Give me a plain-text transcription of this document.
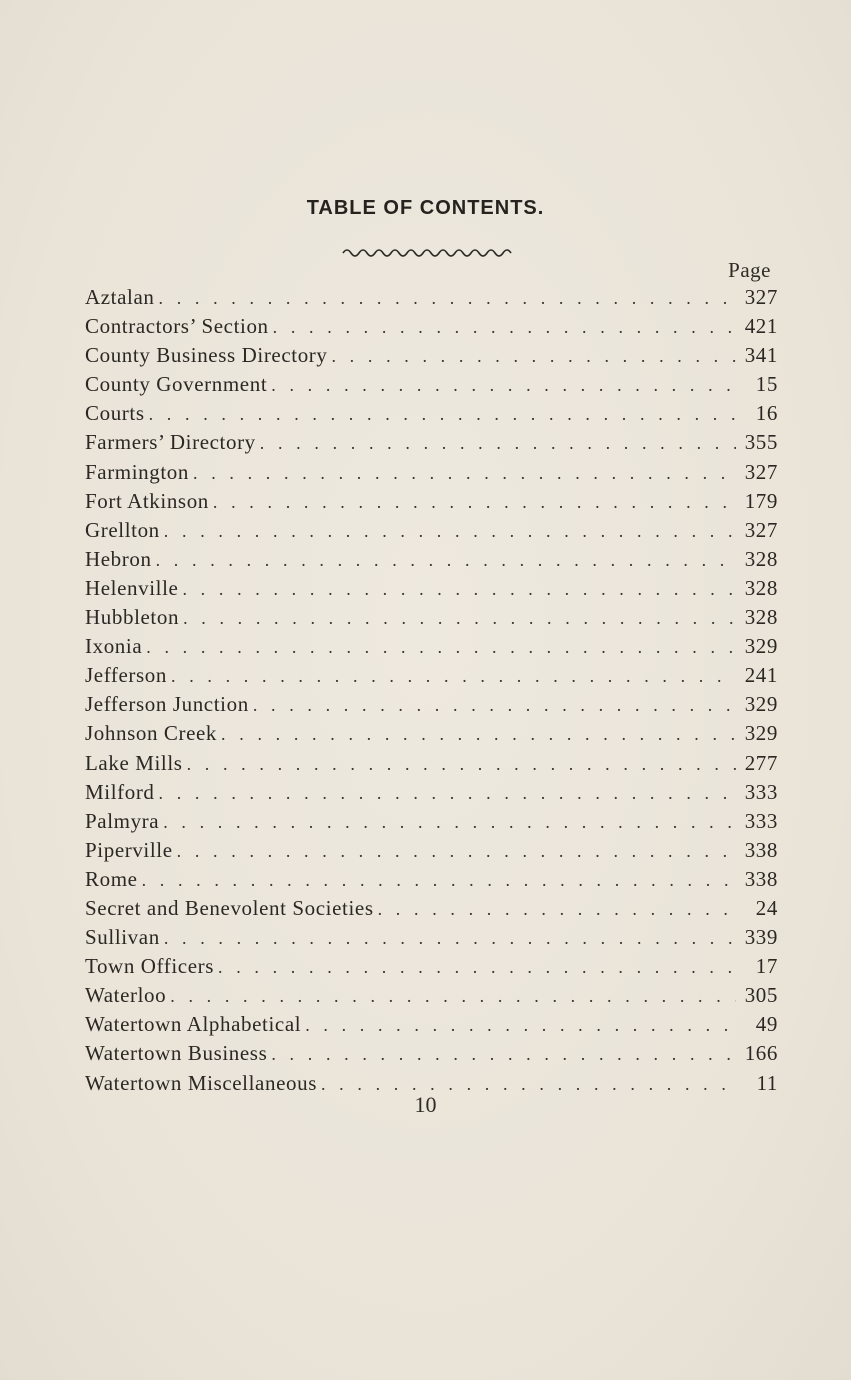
TABLE OF CONTENTS.
Page
Aztalan . . .	327
Contractors’ Section . . .	421
County Business Directory . . .	341
County Government . . .	15
Courts . . .	16
Farmers’ Directory . . .	355
Farmington . . .	327
Fort Atkinson . . .	179
Grellton . . .	327
Hebron . . .	328
Helenville . . .	328
Hubbleton . . .	328
Ixonia . . .	329
Jefferson . . .	241
Jefferson Junction . . .	329
Johnson Creek . . .	329
Lake Mills . . .	277
Milford . . .	333
Palmyra . . .	333
Piperville . . .	338
Rome . . .	338
Secret and Benevolent Societies . . .	24
Sullivan . . .	339
Town Officers . . .	17
Waterloo . . .	305
Watertown Alphabetical . . .	49
Watertown Business . . .	166
Watertown Miscellaneous . . .	11
10
